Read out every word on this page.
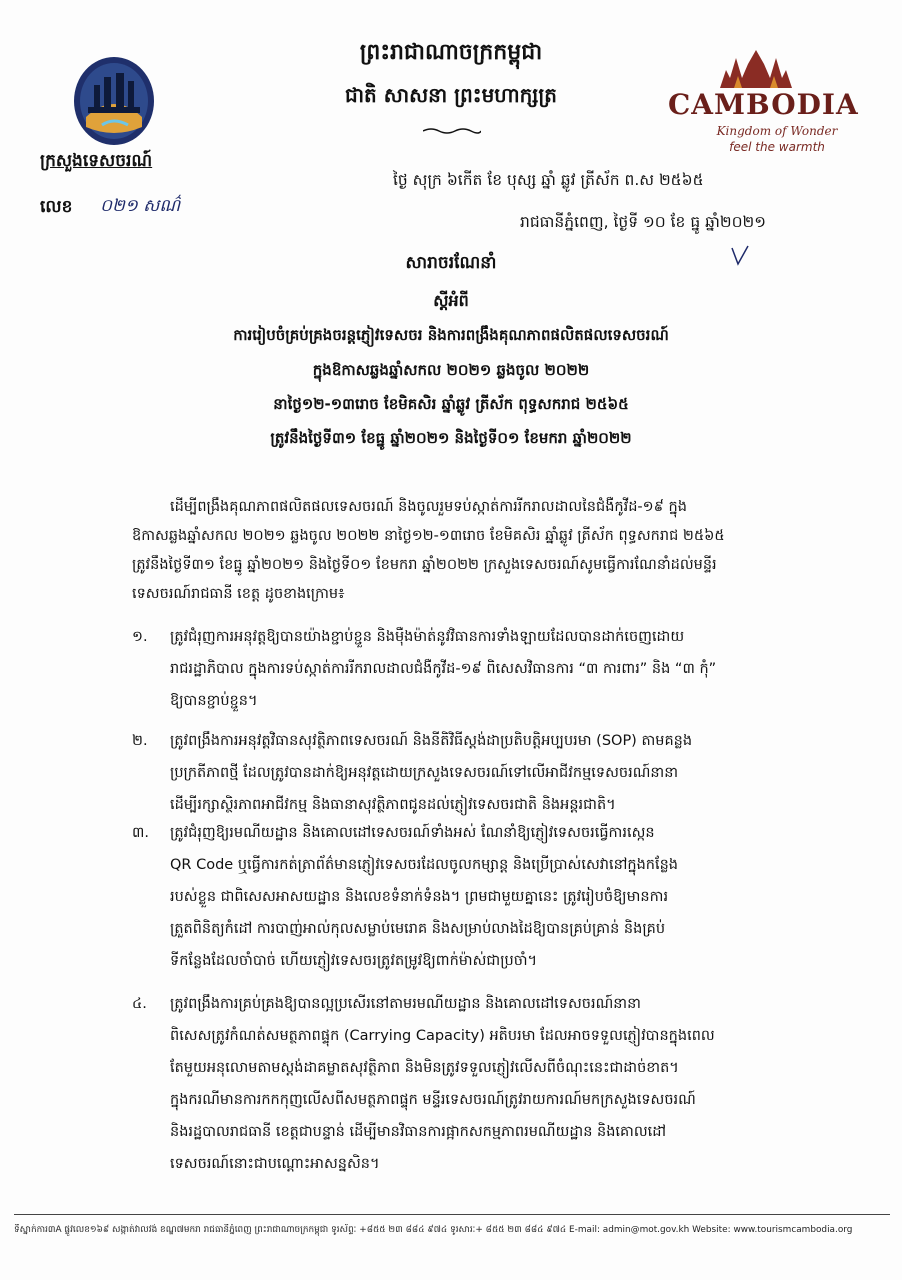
CAMBODIA
Kingdom of Wonder
feel the warmth
ព្រះរាជាណាចក្រកម្ពុជា
ជាតិ សាសនា ព្រះមហាក្សត្រ
ក្រសួងទេសចរណ៍
លេខ ០២១ សណ៌
ថ្ងៃ សុក្រ ៦កើត ខែ បុស្ស ឆ្នាំ ឆ្លូវ ត្រីស័ក ព.ស ២៥៦៥
រាជធានីភ្នំពេញ, ថ្ងៃទី ១០ ខែ ធ្នូ ឆ្នាំ២០២១
សារាចរណែនាំ
ស្តីអំពី
ការរៀបចំគ្រប់គ្រងចរន្តភ្ញៀវទេសចរ និងការពង្រឹងគុណភាពផលិតផលទេសចរណ៍
ក្នុងឱកាសឆ្លងឆ្នាំសកល ២០២១ ឆ្លងចូល ២០២២
នាថ្ងៃ១២-១៣រោច ខែមិគសិរ ឆ្នាំឆ្លូវ ត្រីស័ក ពុទ្ធសករាជ ២៥៦៥
ត្រូវនឹងថ្ងៃទី៣១ ខែធ្នូ ឆ្នាំ២០២១ និងថ្ងៃទី០១ ខែមករា ឆ្នាំ២០២២
ដើម្បីពង្រឹងគុណភាពផលិតផលទេសចរណ៍ និងចូលរួមទប់ស្កាត់ការរីករាលដាលនៃជំងឺកូវីដ-១៩ ក្នុង
ឱកាសឆ្លងឆ្នាំសកល ២០២១ ឆ្លងចូល ២០២២ នាថ្ងៃ១២-១៣រោច ខែមិគសិរ ឆ្នាំឆ្លូវ ត្រីស័ក ពុទ្ធសករាជ ២៥៦៥
ត្រូវនឹងថ្ងៃទី៣១ ខែធ្នូ ឆ្នាំ២០២១ និងថ្ងៃទី០១ ខែមករា ឆ្នាំ២០២២ ក្រសួងទេសចរណ៍សូមធ្វើការណែនាំដល់មន្ទីរ
ទេសចរណ៍រាជធានី ខេត្ត ដូចខាងក្រោម៖
១. ត្រូវជំរុញការអនុវត្តឱ្យបានយ៉ាងខ្ជាប់ខ្ជួន និងម៉ឺងម៉ាត់នូវវិធានការទាំងឡាយដែលបានដាក់ចេញដោយ
រាជរដ្ឋាភិបាល ក្នុងការទប់ស្កាត់ការរីករាលដាលជំងឺកូវីដ-១៩ ពិសេសវិធានការ “៣ ការពារ” និង “៣ កុំ”
ឱ្យបានខ្ជាប់ខ្ជួន។
២. ត្រូវពង្រឹងការអនុវត្តវិធានសុវត្ថិភាពទេសចរណ៍ និងនីតិវិធីស្តង់ដាប្រតិបត្តិអប្បបរមា (SOP) តាមគន្លង
ប្រក្រតីភាពថ្មី ដែលត្រូវបានដាក់ឱ្យអនុវត្តដោយក្រសួងទេសចរណ៍ទៅលើអាជីវកម្មទេសចរណ៍នានា
ដើម្បីរក្សាស្ថិរភាពអាជីវកម្ម និងធានាសុវត្ថិភាពជូនដល់ភ្ញៀវទេសចរជាតិ និងអន្តរជាតិ។
៣. ត្រូវជំរុញឱ្យរមណីយដ្ឋាន និងគោលដៅទេសចរណ៍ទាំងអស់ ណែនាំឱ្យភ្ញៀវទេសចរធ្វើការស្កេន
QR Code ឬធ្វើការកត់ត្រាព័ត៌មានភ្ញៀវទេសចរដែលចូលកម្សាន្ត និងប្រើប្រាស់សេវានៅក្នុងកន្លែង
របស់ខ្លួន ជាពិសេសអាសយដ្ឋាន និងលេខទំនាក់ទំនង។ ព្រមជាមួយគ្នានេះ ត្រូវរៀបចំឱ្យមានការ
ត្រួតពិនិត្យកំដៅ ការបាញ់អាល់កុលសម្លាប់មេរោគ និងសម្រាប់លាងដៃឱ្យបានគ្រប់គ្រាន់ និងគ្រប់
ទីកន្លែងដែលចាំបាច់ ហើយភ្ញៀវទេសចរត្រូវតម្រូវឱ្យពាក់ម៉ាស់ជាប្រចាំ។
៤. ត្រូវពង្រឹងការគ្រប់គ្រងឱ្យបានល្អប្រសើរនៅតាមរមណីយដ្ឋាន និងគោលដៅទេសចរណ៍នានា
ពិសេសត្រូវកំណត់សមត្ថភាពផ្ទុក (Carrying Capacity) អតិបរមា ដែលអាចទទួលភ្ញៀវបានក្នុងពេល
តែមួយអនុលោមតាមស្តង់ដាគម្លាតសុវត្ថិភាព និងមិនត្រូវទទួលភ្ញៀវលើសពីចំណុះនេះជាដាច់ខាត។
ក្នុងករណីមានការកកកុញលើសពីសមត្ថភាពផ្ទុក មន្ទីរទេសចរណ៍ត្រូវរាយការណ៍មកក្រសួងទេសចរណ៍
និងរដ្ឋបាលរាជធានី ខេត្តជាបន្ទាន់ ដើម្បីមានវិធានការផ្អាកសកម្មភាពរមណីយដ្ឋាន និងគោលដៅ
ទេសចរណ៍នោះជាបណ្តោះអាសន្នសិន។
ទីស្នាក់ការ៣A ផ្លូវលេខ១៦៩ សង្កាត់វាលវង់ ខណ្ឌ៧មករា រាជធានីភ្នំពេញ ព្រះរាជាណាចក្រកម្ពុជា ទូរស័ព្ទៈ +៨៥៥ ២៣ ៨៨៤ ៩៧៤ ទូរសារៈ+ ៨៥៥ ២៣ ៨៨៤ ៩៧៤ E-mail: admin@mot.gov.kh Website: www.tourismcambodia.org
